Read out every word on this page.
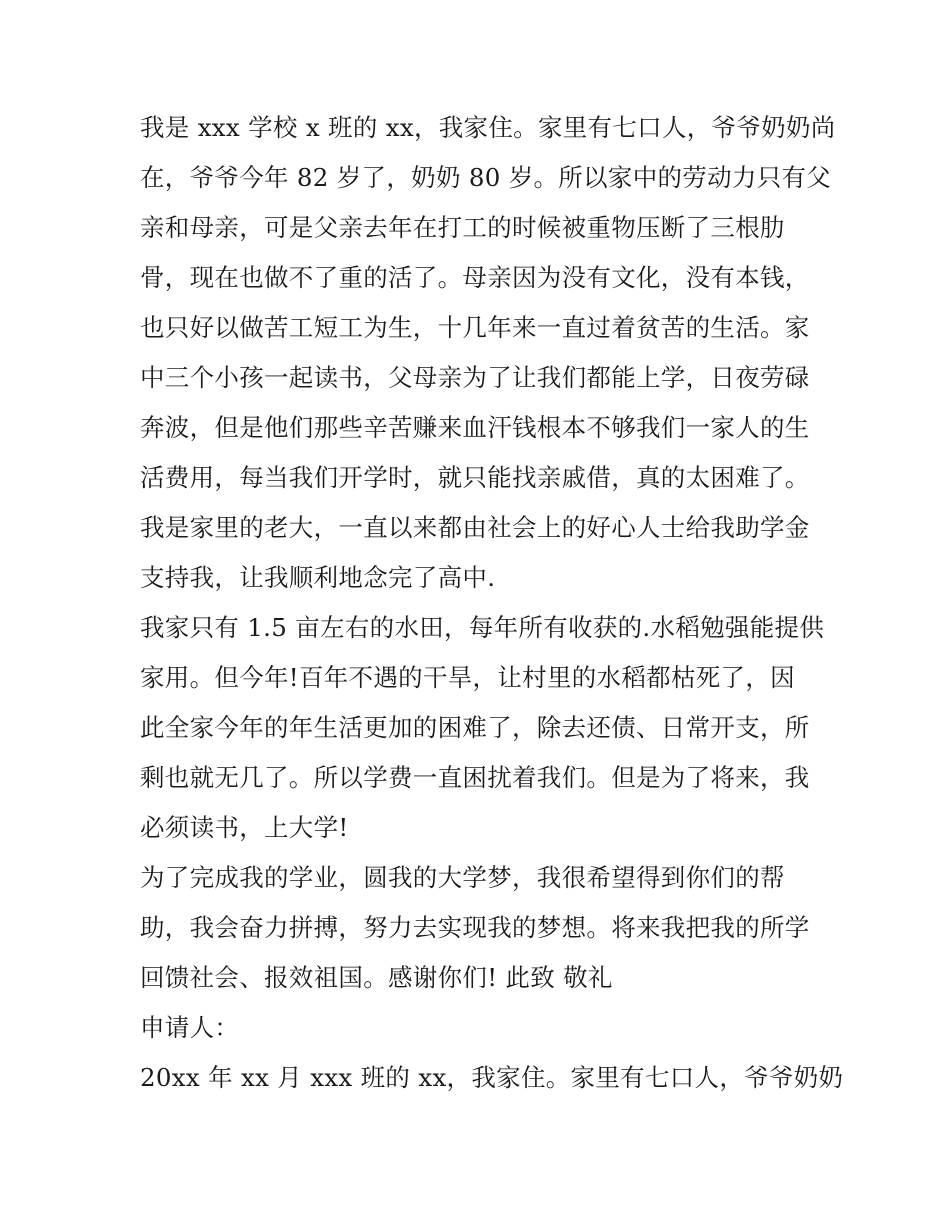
我是 xxx 学校 x 班的 xx，我家住。家里有七口人，爷爷奶奶尚
在，爷爷今年 82 岁了，奶奶 80 岁。所以家中的劳动力只有父
亲和母亲，可是父亲去年在打工的时候被重物压断了三根肋
骨，现在也做不了重的活了。母亲因为没有文化，没有本钱，
也只好以做苦工短工为生，十几年来一直过着贫苦的生活。家
中三个小孩一起读书，父母亲为了让我们都能上学，日夜劳碌
奔波，但是他们那些辛苦赚来血汗钱根本不够我们一家人的生
活费用，每当我们开学时，就只能找亲戚借，真的太困难了。
我是家里的老大，一直以来都由社会上的好心人士给我助学金
支持我，让我顺利地念完了高中.
我家只有 1.5 亩左右的水田，每年所有收获的.水稻勉强能提供
家用。但今年!百年不遇的干旱，让村里的水稻都枯死了，因
此全家今年的年生活更加的困难了，除去还债、日常开支，所
剩也就无几了。所以学费一直困扰着我们。但是为了将来，我
必须读书，上大学!
为了完成我的学业，圆我的大学梦，我很希望得到你们的帮
助，我会奋力拼搏，努力去实现我的梦想。将来我把我的所学
回馈社会、报效祖国。感谢你们! 此致 敬礼
申请人：
20xx 年 xx 月 xxx 班的 xx，我家住。家里有七口人，爷爷奶奶
